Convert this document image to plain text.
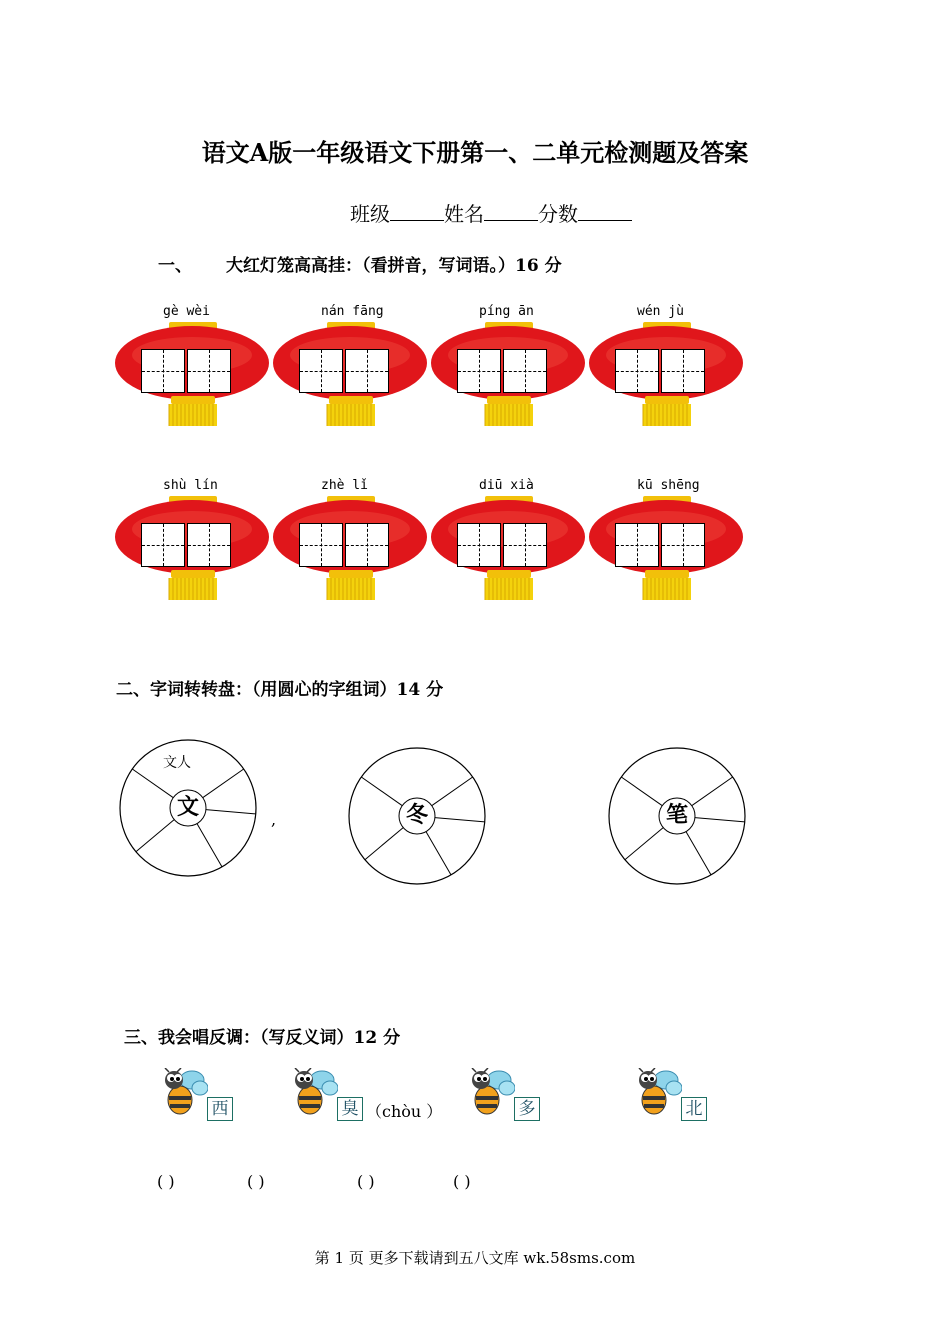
语文A版一年级语文下册第一、二单元检测题及答案
班级	姓名	分数
一、 大红灯笼高高挂：（看拼音，写词语。）16 分
gè wèi	nán fāng	píng ān	wén jù
shù lín	zhè lǐ	diū xià	kū shēng
二、字词转转盘：（用圆心的字组词）14 分
文
文人
冬	笔
,
三、我会唱反调：（写反义词）12 分
西
( )
臭 （chòu ）
( )
多
( )
北
( )
第 1 页 更多下载请到五八文库 wk.58sms.com
